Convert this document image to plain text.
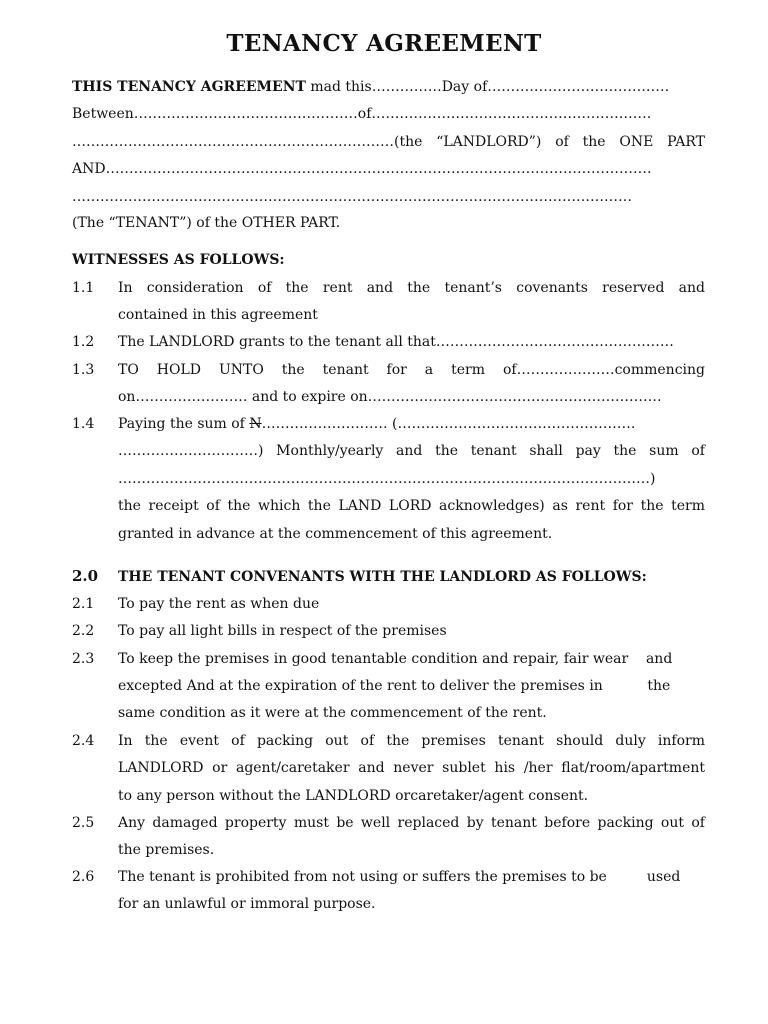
TENANCY AGREEMENT
THIS TENANCY AGREEMENT mad this……………Day of…………………………………
Between…………………………………………of……………………………………………………
……………………………………………………………(the “LANDLORD”) of the ONE PART
AND………………………………………………………………………………………………………
…………………………………………………………………………………………………………
(The “TENANT”) of the OTHER PART.
WITNESSES AS FOLLOWS:
1.1 In consideration of the rent and the tenant’s covenants reserved and
contained in this agreement
1.2 The LANDLORD grants to the tenant all that……………………………………………
1.3 TO HOLD UNTO the tenant for a term of…………………commencing
on…………………… and to expire on………………………………………………………
1.4 Paying the sum of N……………………… (……………………………………………
…………………………) Monthly/yearly and the tenant shall pay the sum of
……………………………………………………………………………………………………)
the receipt of the which the LAND LORD acknowledges) as rent for the term
granted in advance at the commencement of this agreement.
2.0 THE TENANT CONVENANTS WITH THE LANDLORD AS FOLLOWS:
2.1 To pay the rent as when due
2.2 To pay all light bills in respect of the premises
2.3 To keep the premises in good tenantable condition and repair, fair wear    and
excepted And at the expiration of the rent to deliver the premises in          the
same condition as it were at the commencement of the rent.
2.4 In the event of packing out of the premises tenant should duly inform
LANDLORD or agent/caretaker and never sublet his /her flat/room/apartment
to any person without the LANDLORD orcaretaker/agent consent.
2.5 Any damaged property must be well replaced by tenant before packing out of
the premises.
2.6 The tenant is prohibited from not using or suffers the premises to be         used
for an unlawful or immoral purpose.
